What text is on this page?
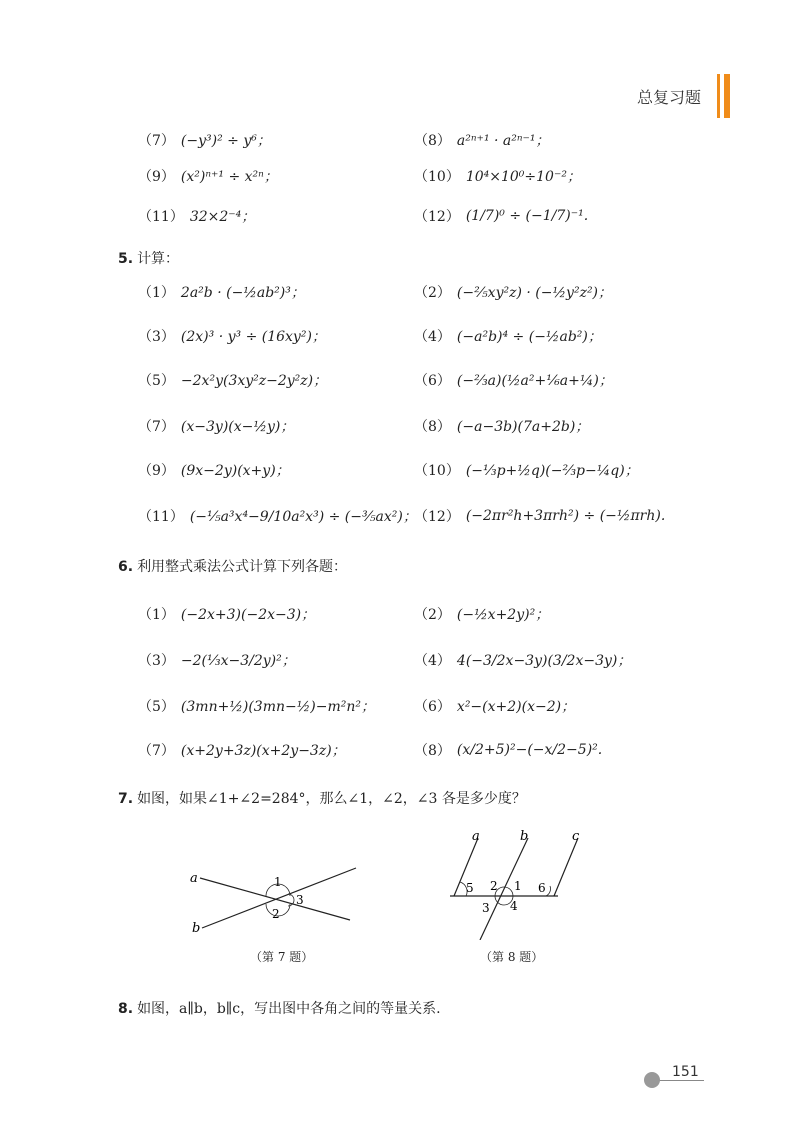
总复习题
（7） (−y³)² ÷ y⁶；	（8） a²ⁿ⁺¹ · a²ⁿ⁻¹；
（9） (x²)ⁿ⁺¹ ÷ x²ⁿ；	（10） 10⁴×10⁰÷10⁻²；
（11） 32×2⁻⁴；	（12） (1/7)⁰ ÷ (−1/7)⁻¹.
5. 计算：
（1） 2a²b · (−½ab²)³；	（2） (−⅖xy²z) · (−½y²z²)；
（3） (2x)³ · y³ ÷ (16xy²)；	（4） (−a²b)⁴ ÷ (−½ab²)；
（5） −2x²y(3xy²z−2y²z)；	（6） (−⅔a)(½a²+⅙a+¼)；
（7） (x−3y)(x−½y)；	（8） (−a−3b)(7a+2b)；
（9） (9x−2y)(x+y)；	（10） (−⅓p+½q)(−⅔p−¼q)；
（11） (−⅕a³x⁴−9/10a²x³) ÷ (−⅗ax²)；
（12） (−2πr²h+3πrh²) ÷ (−½πrh).
6. 利用整式乘法公式计算下列各题：
（1） (−2x+3)(−2x−3)；	（2） (−½x+2y)²；
（3） −2(⅓x−3/2y)²；	（4） 4(−3/2x−3y)(3/2x−3y)；
（5） (3mn+½)(3mn−½)−m²n²；	（6） x²−(x+2)(x−2)；
（7） (x+2y+3z)(x+2y−3z)；	（8） (x/2+5)²−(−x/2−5)².
7. 如图，如果∠1+∠2=284°，那么∠1，∠2，∠3 各是多少度？
a
b
1
2
3
（第 7 题）
a	b	c
5 2 1
3 4
6
（第 8 题）
8. 如图，a∥b，b∥c，写出图中各角之间的等量关系.
151
